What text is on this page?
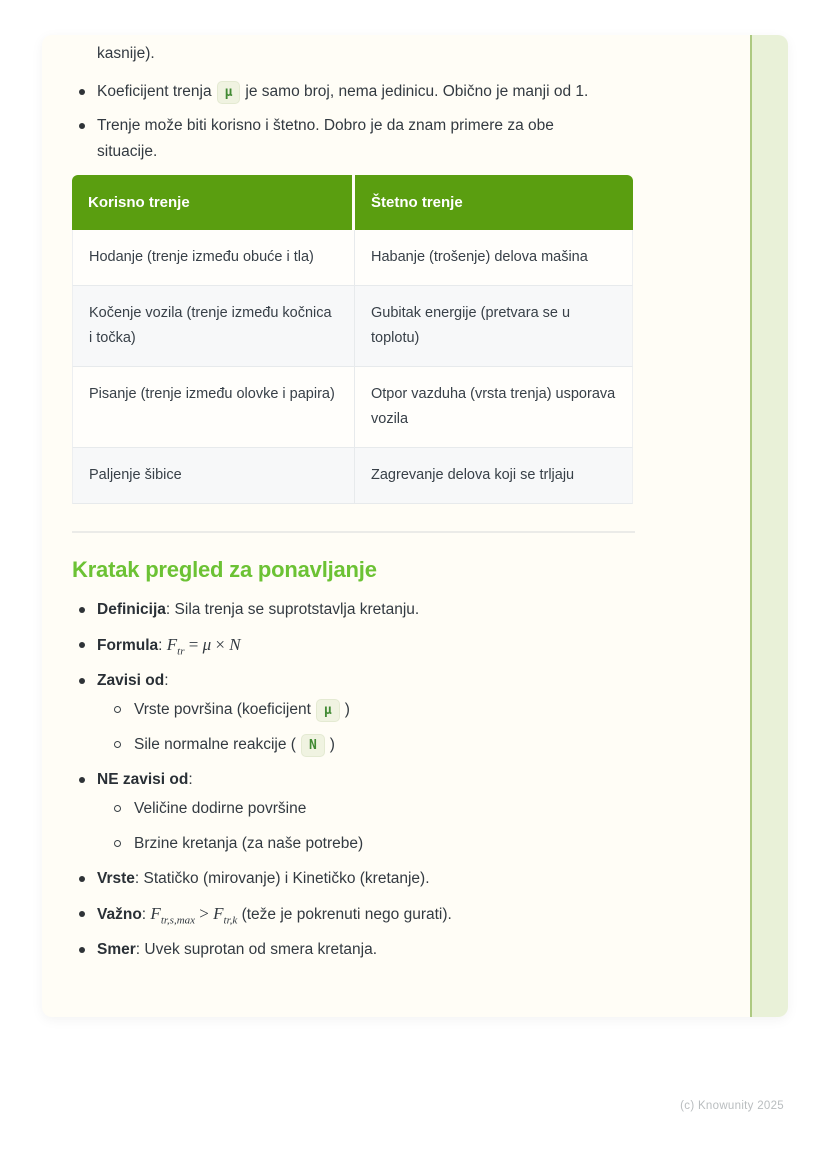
kasnije).

Koeficijent trenja μ je samo broj, nema jedinicu. Obično je manji od 1.
Trenje može biti korisno i štetno. Dobro je da znam primere za obe situacije.
Korisno trenje	Štetno trenje
Hodanje (trenje između obuće i tla)	Habanje (trošenje) delova mašina
Kočenje vozila (trenje između kočnica i točka)	Gubitak energije (pretvara se u toplotu)
Pisanje (trenje između olovke i papira)	Otpor vazduha (vrsta trenja) usporava vozila
Paljenje šibice	Zagrevanje delova koji se trljaju
Kratak pregled za ponavljanje
Definicija: Sila trenja se suprotstavlja kretanju.
Formula: $F_{tr} = \mu \times N$
Zavisi od:
Vrste površina (koeficijent μ )
Sile normalne reakcije ( N )
NE zavisi od:
Veličine dodirne površine
Brzine kretanja (za naše potrebe)
Vrste: Statičko (mirovanje) i Kinetičko (kretanje).
Važno: $F_{tr,s,max} > F_{tr,k}$ (teže je pokrenuti nego gurati).
Smer: Uvek suprotan od smera kretanja.
(c) Knowunity 2025
